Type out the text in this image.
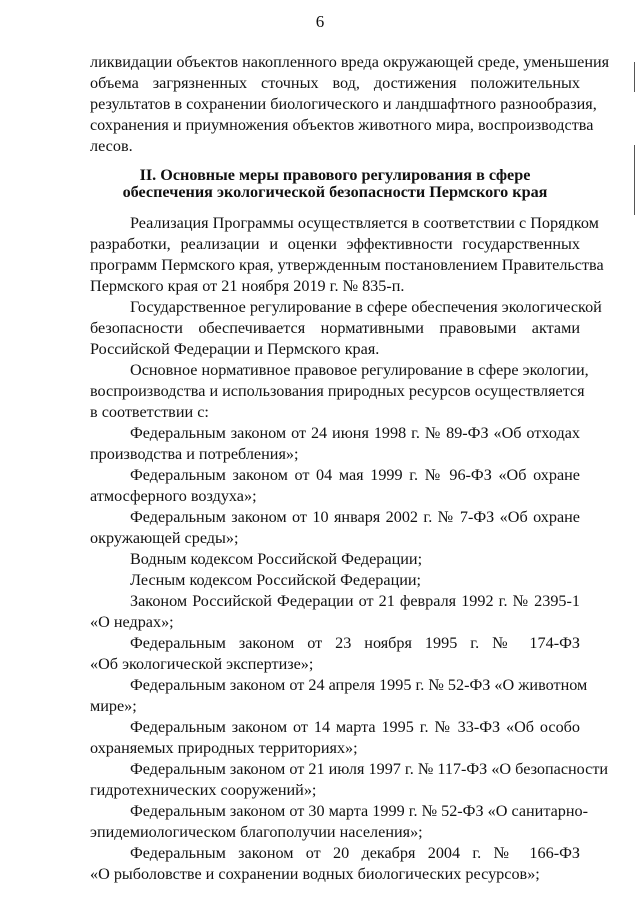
6
ликвидации объектов накопленного вреда окружающей среде, уменьшения
объема загрязненных сточных вод, достижения положительных
результатов в сохранении биологического и ландшафтного разнообразия,
сохранения и приумножения объектов животного мира, воспроизводства
лесов.
II. Основные меры правового регулирования в сфере
обеспечения экологической безопасности Пермского края
Реализация Программы осуществляется в соответствии с Порядком
разработки, реализации и оценки эффективности государственных
программ Пермского края, утвержденным постановлением Правительства
Пермского края от 21 ноября 2019 г. № 835-п.
Государственное регулирование в сфере обеспечения экологической
безопасности обеспечивается нормативными правовыми актами
Российской Федерации и Пермского края.
Основное нормативное правовое регулирование в сфере экологии,
воспроизводства и использования природных ресурсов осуществляется
в соответствии с:
Федеральным законом от 24 июня 1998 г. № 89-ФЗ «Об отходах
производства и потребления»;
Федеральным законом от 04 мая 1999 г. № 96-ФЗ «Об охране
атмосферного воздуха»;
Федеральным законом от 10 января 2002 г. № 7-ФЗ «Об охране
окружающей среды»;
Водным кодексом Российской Федерации;
Лесным кодексом Российской Федерации;
Законом Российской Федерации от 21 февраля 1992 г. № 2395-1
«О недрах»;
Федеральным законом от 23 ноября 1995 г. № 174-ФЗ
«Об экологической экспертизе»;
Федеральным законом от 24 апреля 1995 г. № 52-ФЗ «О животном
мире»;
Федеральным законом от 14 марта 1995 г. № 33-ФЗ «Об особо
охраняемых природных территориях»;
Федеральным законом от 21 июля 1997 г. № 117-ФЗ «О безопасности
гидротехнических сооружений»;
Федеральным законом от 30 марта 1999 г. № 52-ФЗ «О санитарно-
эпидемиологическом благополучии населения»;
Федеральным законом от 20 декабря 2004 г. № 166-ФЗ
«О рыболовстве и сохранении водных биологических ресурсов»;
